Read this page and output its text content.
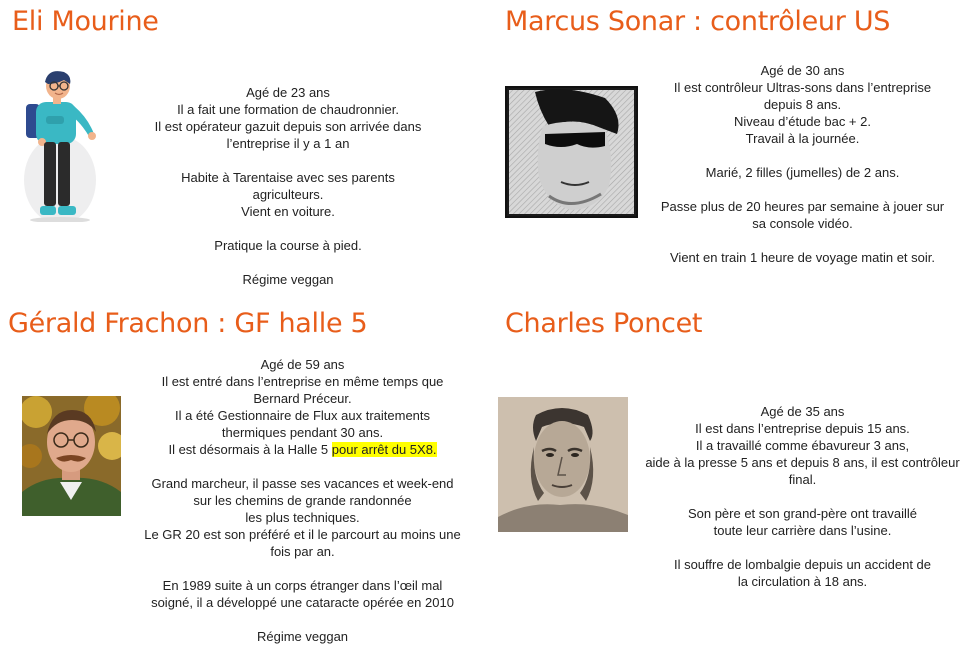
Eli Mourine
Agé de 23 ans
Il a fait une formation de chaudronnier.
Il est opérateur gazuit depuis son arrivée dans
l’entreprise il y a 1 an
Habite à Tarentaise avec ses parents
agriculteurs.
Vient en voiture.
Pratique la course à pied.
Régime veggan
Marcus Sonar : contrôleur US
Agé de 30 ans
Il est contrôleur Ultras-sons dans l’entreprise
depuis 8 ans.
Niveau d’étude bac + 2.
Travail à la journée.
Marié, 2 filles (jumelles) de 2 ans.
Passe plus de 20 heures par semaine à jouer sur
sa console vidéo.
Vient en train 1 heure de voyage matin et soir.
Gérald Frachon : GF halle 5
Agé de 59 ans
Il est entré dans l’entreprise en même temps que
Bernard Préceur.
Il a été Gestionnaire de Flux aux traitements
thermiques pendant 30 ans.
Il est désormais à la Halle 5 pour arrêt du 5X8.
Grand marcheur, il passe ses vacances et week-end
sur les chemins de grande randonnée
les plus techniques.
Le GR 20 est son préféré et il le parcourt au moins une
fois par an.
En 1989 suite à un corps étranger dans l’œil mal
soigné, il a développé une cataracte opérée en 2010
Régime veggan
Charles Poncet
Agé de 35 ans
Il est dans l’entreprise depuis 15 ans.
Il a travaillé comme ébavureur 3 ans,
aide à la presse 5 ans et depuis 8 ans, il est contrôleur
final.
Son père et son grand-père ont travaillé
toute leur carrière dans l’usine.
Il souffre de lombalgie depuis un accident de
la circulation à 18 ans.
